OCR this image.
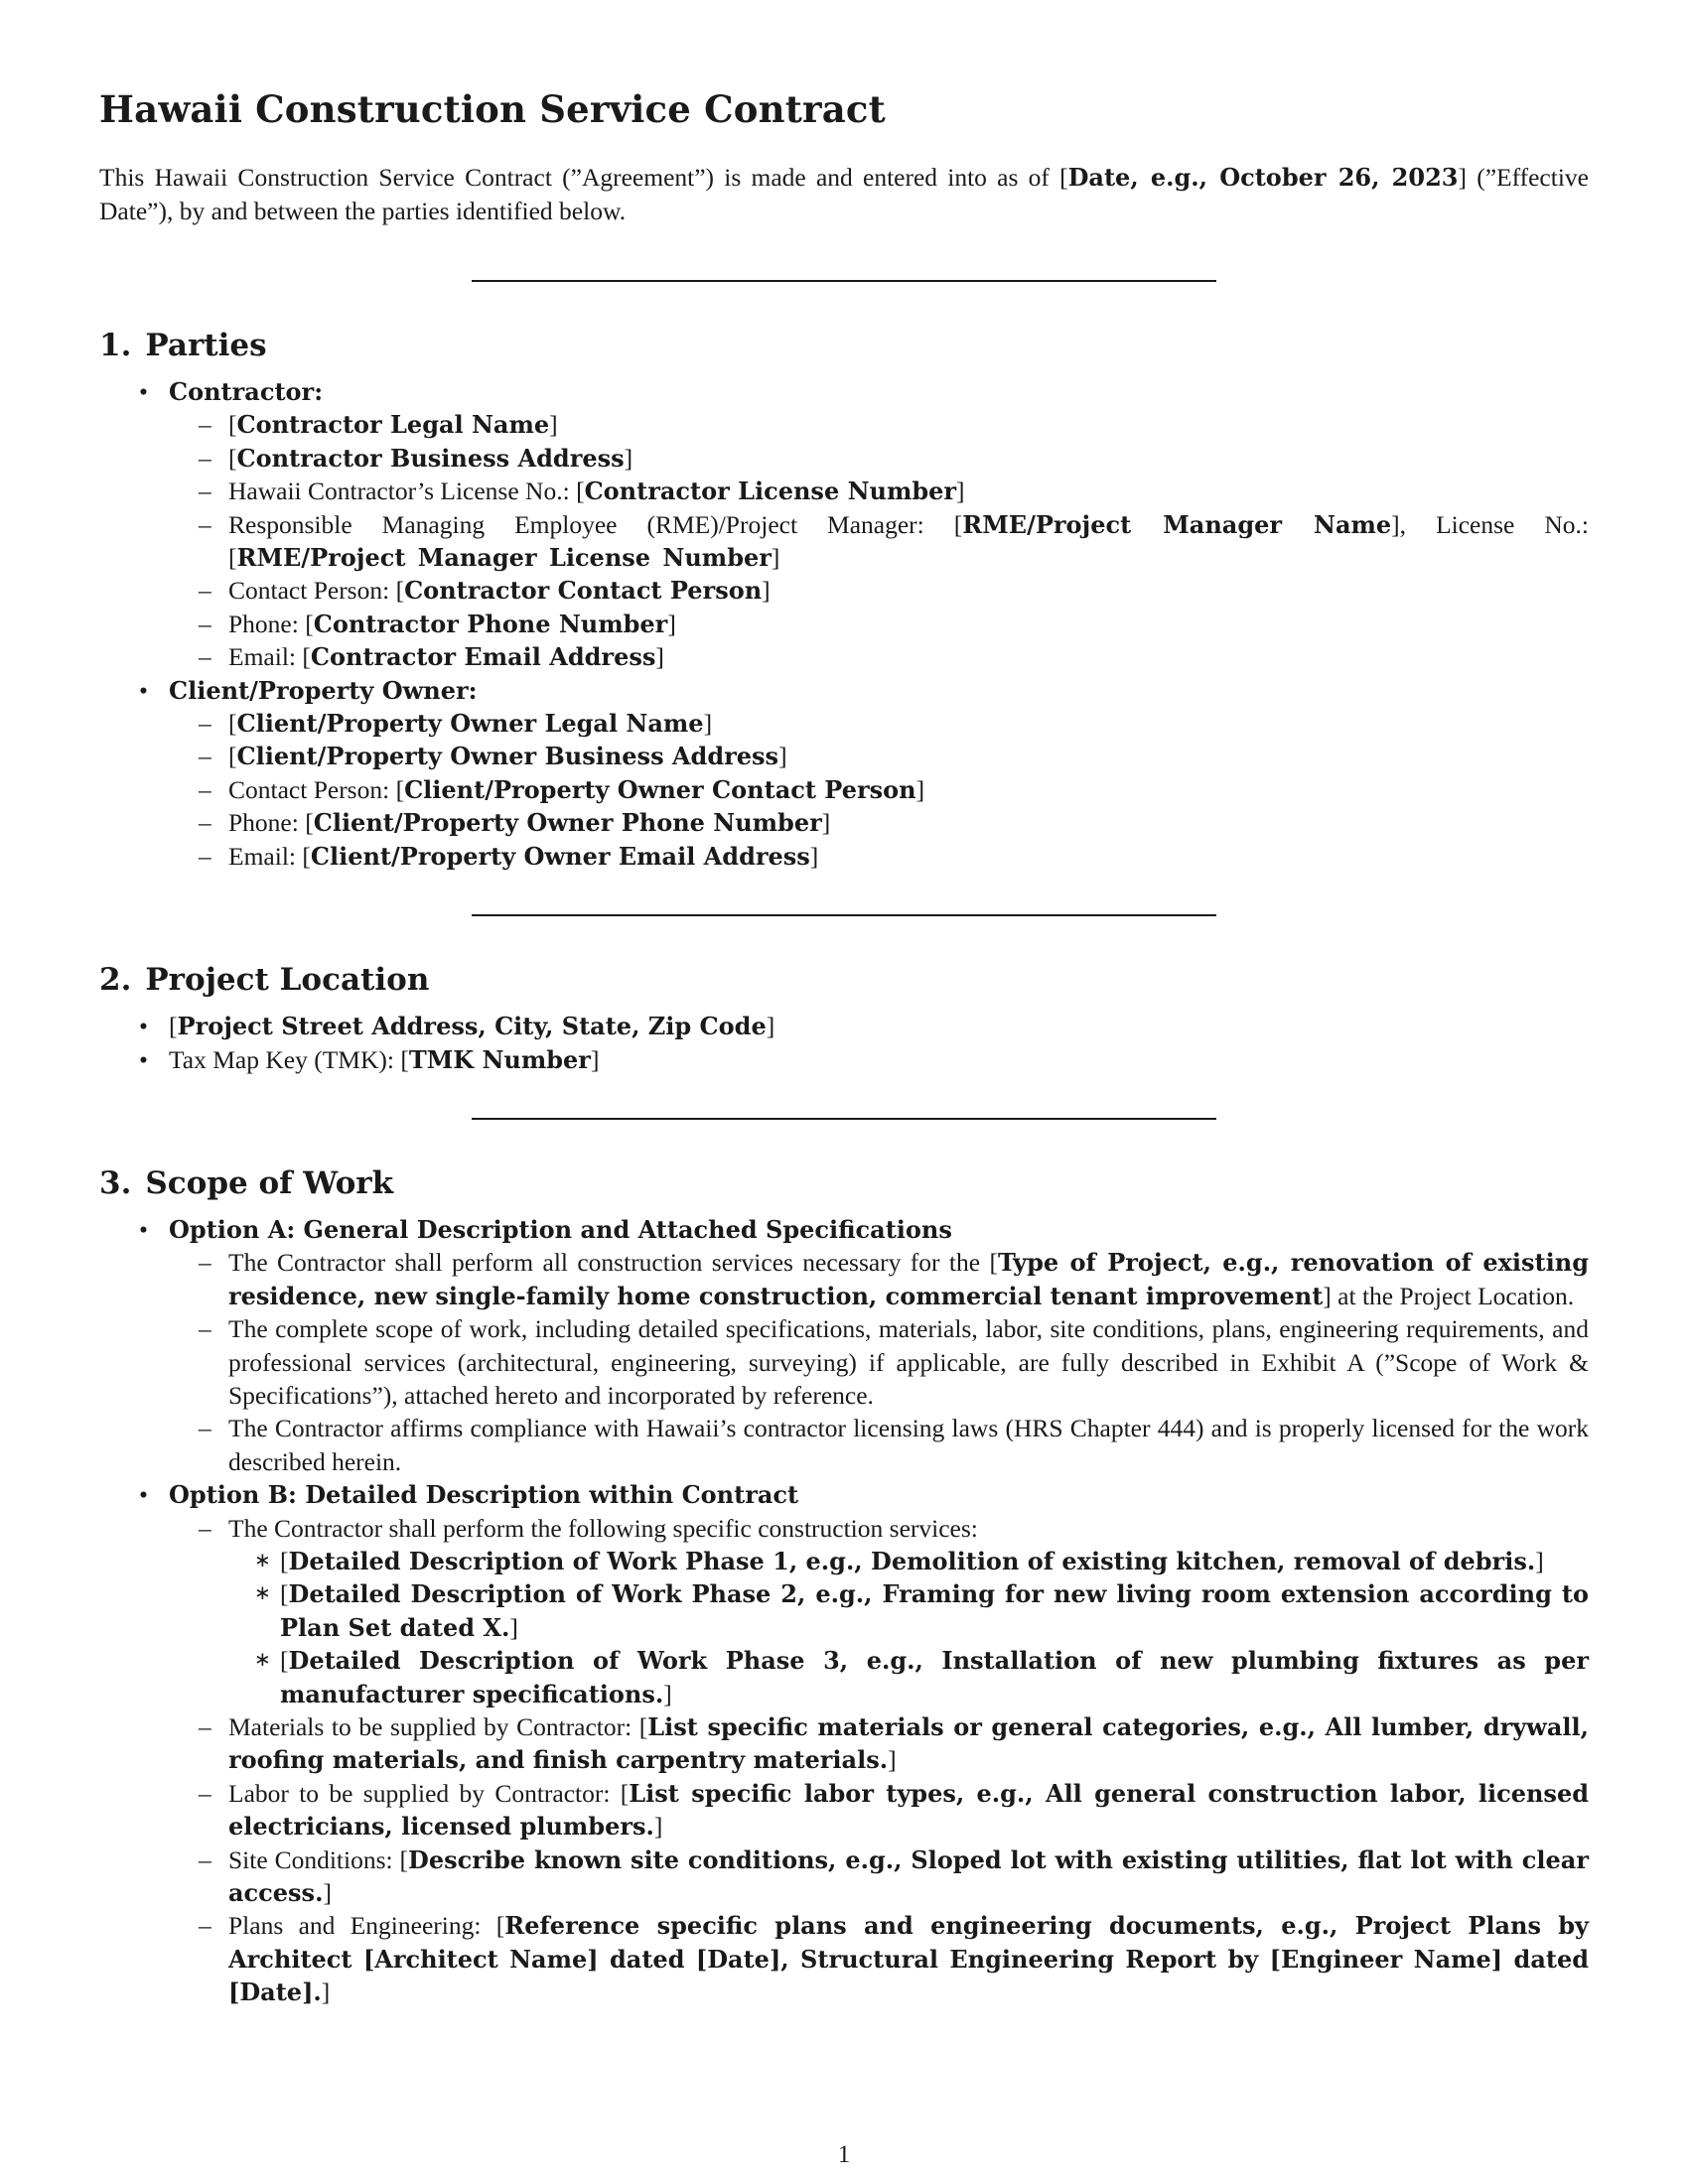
Hawaii Construction Service Contract

This Hawaii Construction Service Contract (”Agreement”) is made and entered into as of [Date, e.g., October 26, 2023] (”Effective Date”), by and between the parties identified below.

1. Parties
• Contractor:
– [Contractor Legal Name]
– [Contractor Business Address]
– Hawaii Contractor’s License No.: [Contractor License Number]
– Responsible Managing Employee (RME)/Project Manager: [RME/Project Manager Name], License No.: [RME/Project Manager License Number]
– Contact Person: [Contractor Contact Person]
– Phone: [Contractor Phone Number]
– Email: [Contractor Email Address]
• Client/Property Owner:
– [Client/Property Owner Legal Name]
– [Client/Property Owner Business Address]
– Contact Person: [Client/Property Owner Contact Person]
– Phone: [Client/Property Owner Phone Number]
– Email: [Client/Property Owner Email Address]
2. Project Location
• [Project Street Address, City, State, Zip Code]
• Tax Map Key (TMK): [TMK Number]
3. Scope of Work
• Option A: General Description and Attached Specifications
– The Contractor shall perform all construction services necessary for the [Type of Project, e.g., renovation of existing residence, new single-family home construction, commercial tenant improvement] at the Project Location.
– The complete scope of work, including detailed specifications, materials, labor, site conditions, plans, engineering requirements, and professional services (architectural, engineering, surveying) if applicable, are fully described in Exhibit A (”Scope of Work & Specifications”), attached hereto and incorporated by reference.
– The Contractor affirms compliance with Hawaii’s contractor licensing laws (HRS Chapter 444) and is properly licensed for the work described herein.
• Option B: Detailed Description within Contract
– The Contractor shall perform the following specific construction services:
∗ [Detailed Description of Work Phase 1, e.g., Demolition of existing kitchen, removal of debris.]
∗ [Detailed Description of Work Phase 2, e.g., Framing for new living room extension according to Plan Set dated X.]
∗ [Detailed Description of Work Phase 3, e.g., Installation of new plumbing fixtures as per manufacturer specifications.]
– Materials to be supplied by Contractor: [List specific materials or general categories, e.g., All lumber, drywall, roofing materials, and finish carpentry materials.]
– Labor to be supplied by Contractor: [List specific labor types, e.g., All general construction labor, licensed electricians, licensed plumbers.]
– Site Conditions: [Describe known site conditions, e.g., Sloped lot with existing utilities, flat lot with clear access.]
– Plans and Engineering: [Reference specific plans and engineering documents, e.g., Project Plans by Architect [Architect Name] dated [Date], Structural Engineering Report by [Engineer Name] dated [Date].]
1
